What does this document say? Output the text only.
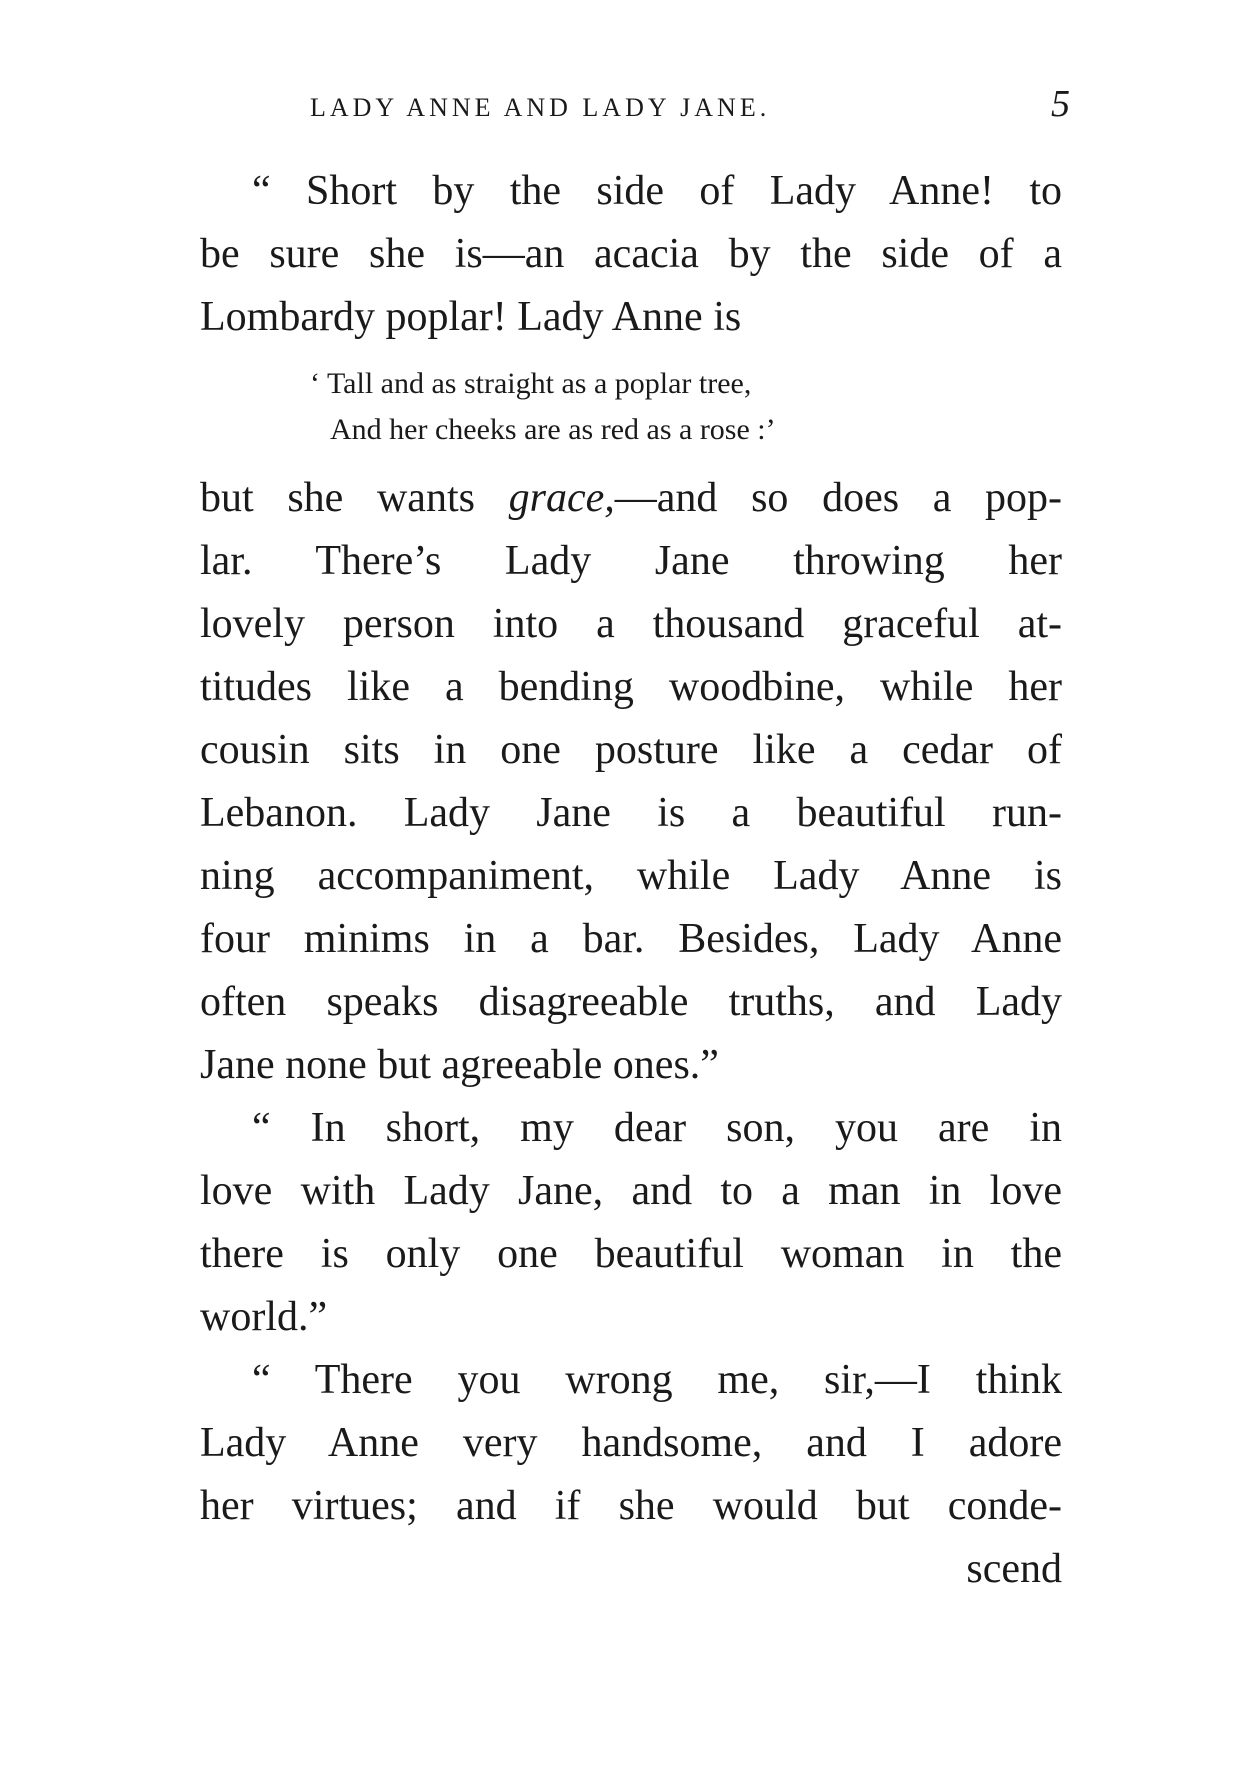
LADY ANNE AND LADY JANE.	5
“ Short by the side of Lady Anne! to
be sure she is—an acacia by the side of a
Lombardy poplar! Lady Anne is
‘ Tall and as straight as a poplar tree,
And her cheeks are as red as a rose :’
but she wants grace,—and so does a pop-
lar. There’s Lady Jane throwing her
lovely person into a thousand graceful at-
titudes like a bending woodbine, while her
cousin sits in one posture like a cedar of
Lebanon. Lady Jane is a beautiful run-
ning accompaniment, while Lady Anne is
four minims in a bar. Besides, Lady Anne
often speaks disagreeable truths, and Lady
Jane none but agreeable ones.”
“ In short, my dear son, you are in
love with Lady Jane, and to a man in love
there is only one beautiful woman in the
world.”
“ There you wrong me, sir,—I think
Lady Anne very handsome, and I adore
her virtues; and if she would but conde-
scend
